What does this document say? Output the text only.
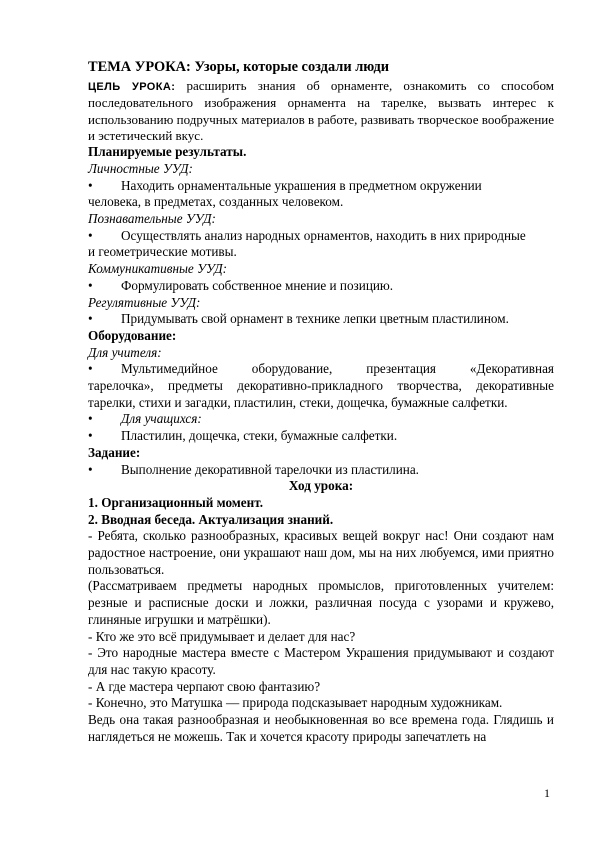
ТЕМА УРОКА: Узоры, которые создали люди
ЦЕЛЬ УРОКА: расширить знания об орнаменте, ознакомить со способом последовательного изображения орнамента на тарелке, вызвать интерес к использованию подручных материалов в работе, развивать творческое воображение и эстетический вкус.
Планируемые результаты.
Личностные УУД:
•	Находить орнаментальные украшения в предметном окружении
человека, в предметах, созданных человеком.
Познавательные УУД:
•	Осуществлять анализ народных орнаментов, находить в них природные
и геометрические мотивы.
Коммуникативные УУД:
•	Формулировать собственное мнение и позицию.
Регулятивные УУД:
•	Придумывать свой орнамент в технике лепки цветным пластилином.
Оборудование:
Для учителя:
•	Мультимедийное оборудование, презентация «Декоративная
тарелочка», предметы декоративно-прикладного творчества, декоративные тарелки, стихи и загадки, пластилин, стеки, дощечка, бумажные салфетки.
•	Для учащихся:
•	Пластилин, дощечка, стеки, бумажные салфетки.
Задание:
•	Выполнение декоративной тарелочки из пластилина.
Ход урока:
1. Организационный момент.
2. Вводная беседа. Актуализация знаний.
- Ребята, сколько разнообразных, красивых вещей вокруг нас! Они создают нам радостное настроение, они украшают наш дом, мы на них любуемся, ими приятно пользоваться.
(Рассматриваем предметы народных промыслов, приготовленных учителем: резные и расписные доски и ложки, различная посуда с узорами и кружево, глиняные игрушки и матрёшки).
- Кто же это всё придумывает и делает для нас?
- Это народные мастера вместе с Мастером Украшения придумывают и создают для нас такую красоту.
- А где мастера черпают свою фантазию?
- Конечно, это Матушка — природа подсказывает народным художникам.
Ведь она такая разнообразная и необыкновенная во все времена года. Глядишь и наглядеться не можешь. Так и хочется красоту природы запечатлеть на
1
